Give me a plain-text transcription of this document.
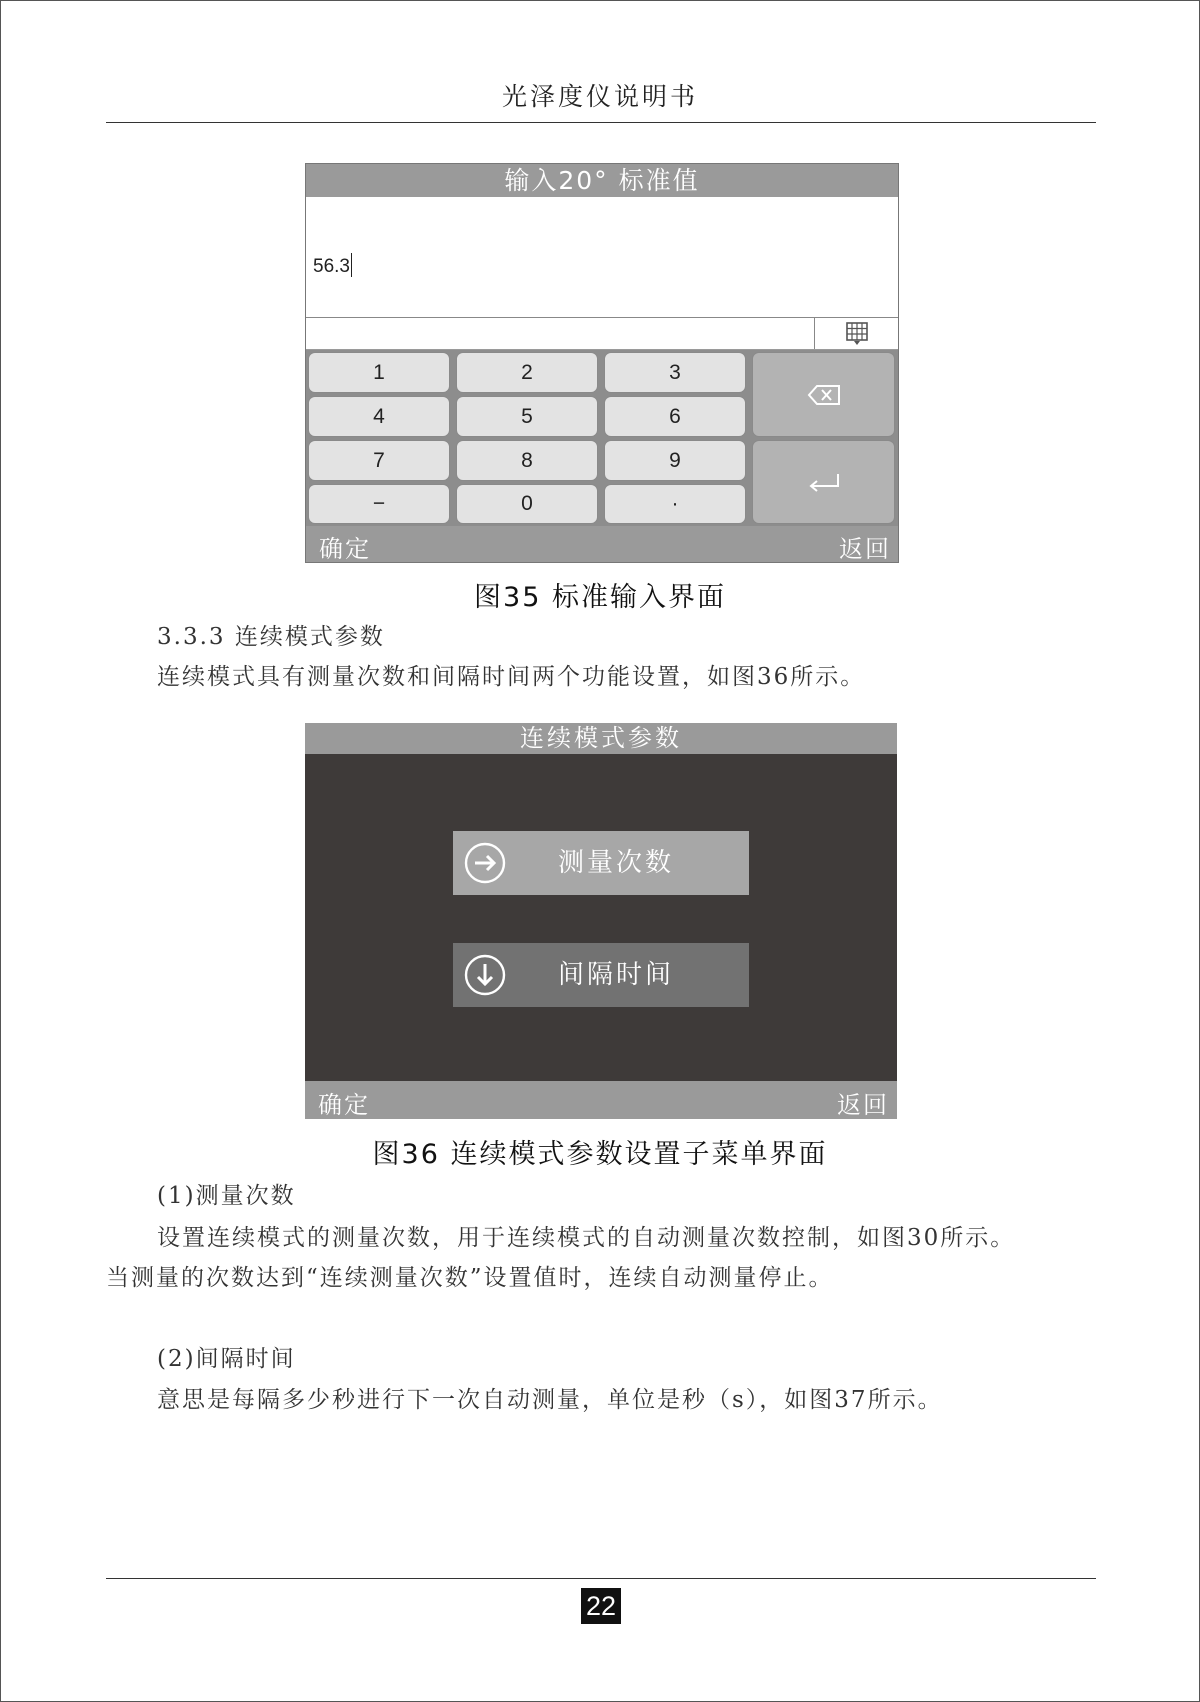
光泽度仪说明书
输入20° 标准值
56.3
1	2	3
4	5	6
7	8	9
−	0	·
确定	返回
图35 标准输入界面
3.3.3 连续模式参数
连续模式具有测量次数和间隔时间两个功能设置，如图36所示。
连续模式参数
测量次数
间隔时间
确定	返回
图36 连续模式参数设置子菜单界面
(1)测量次数
设置连续模式的测量次数，用于连续模式的自动测量次数控制，如图30所示。
当测量的次数达到“连续测量次数”设置值时，连续自动测量停止。
(2)间隔时间
意思是每隔多少秒进行下一次自动测量，单位是秒（s），如图37所示。
22
